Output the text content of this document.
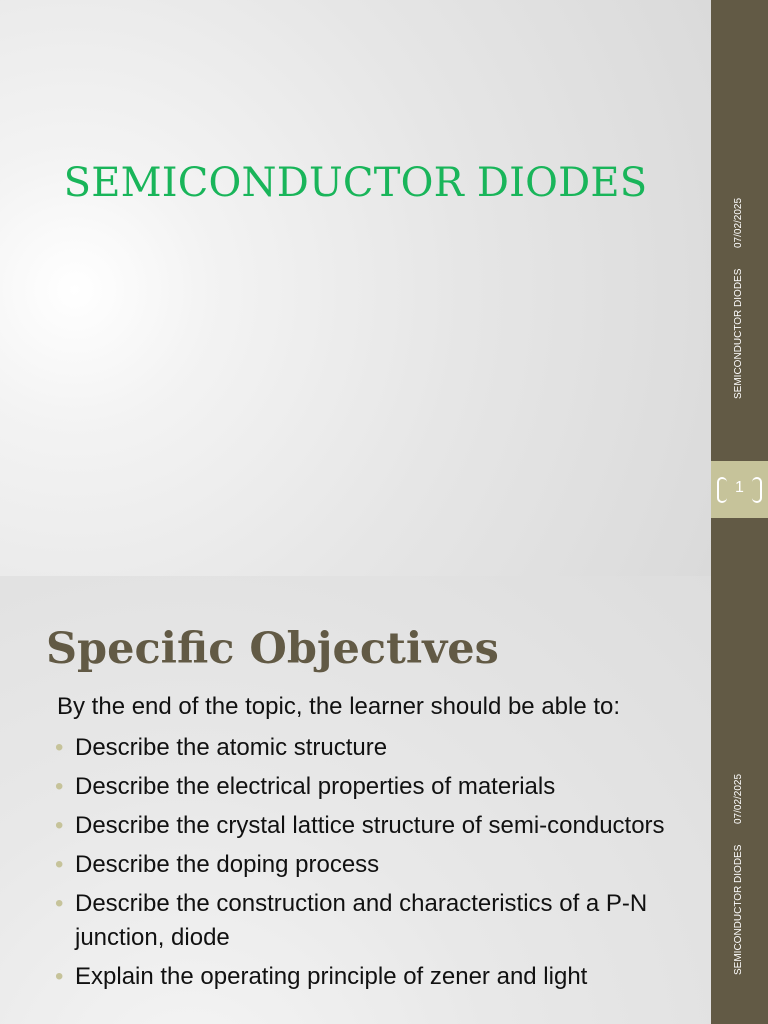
SEMICONDUCTOR DIODES
07/02/2025
SEMICONDUCTOR DIODES
1
Specific Objectives
By the end of the topic, the learner should be able to:
• Describe the atomic structure
• Describe the electrical properties of materials
• Describe the crystal lattice structure of semi-conductors
• Describe the doping process
• Describe the construction and characteristics of a P-N junction, diode
• Explain the operating principle of zener and light
07/02/2025
SEMICONDUCTOR DIODES
